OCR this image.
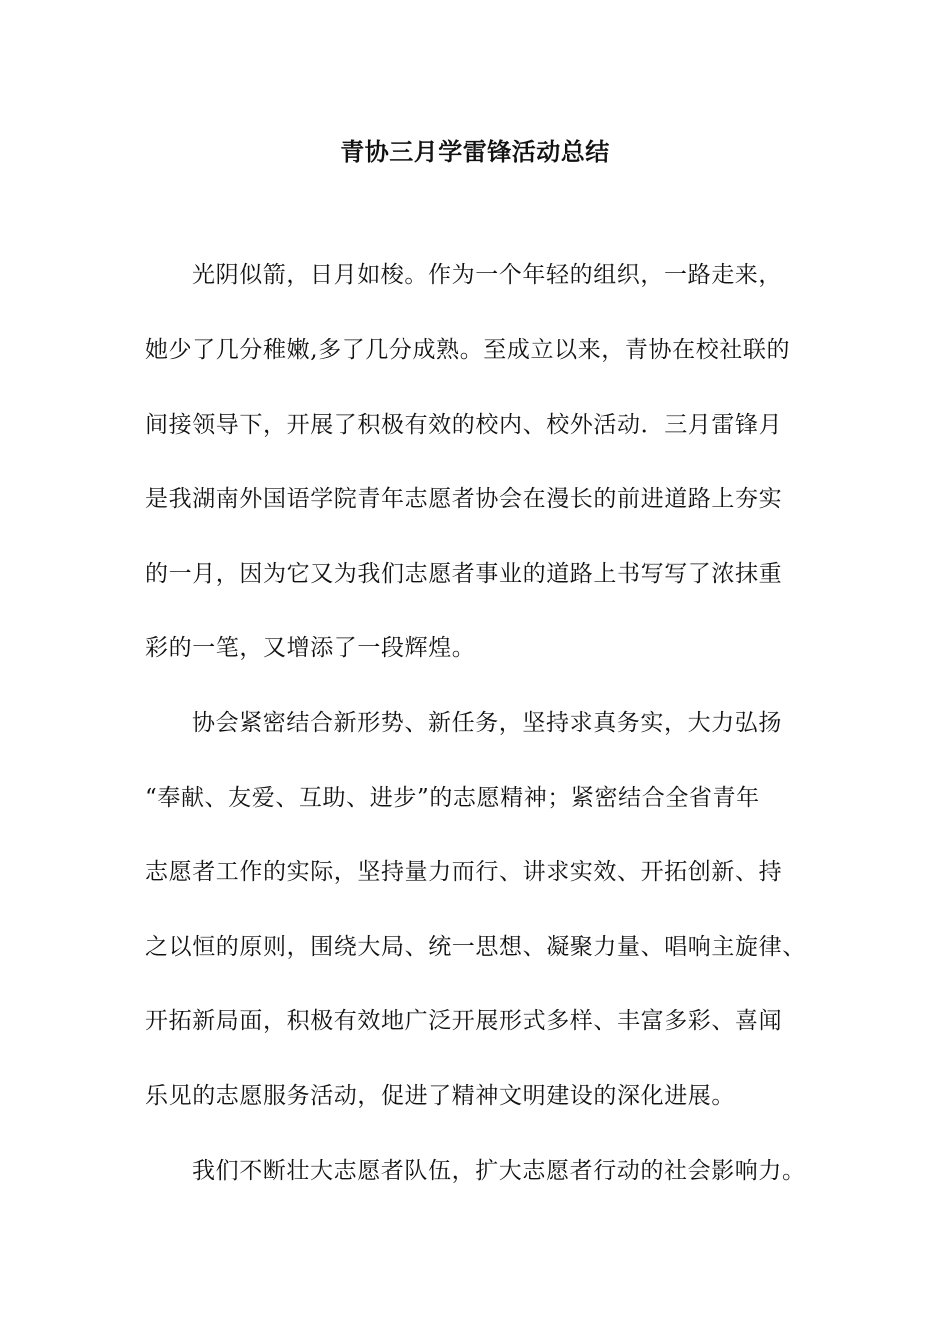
青协三月学雷锋活动总结
光阴似箭，日月如梭。作为一个年轻的组织，一路走来，
她少了几分稚嫩,多了几分成熟。至成立以来，青协在校社联的
间接领导下，开展了积极有效的校内、校外活动．三月雷锋月
是我湖南外国语学院青年志愿者协会在漫长的前进道路上夯实
的一月，因为它又为我们志愿者事业的道路上书写写了浓抹重
彩的一笔，又增添了一段辉煌。
协会紧密结合新形势、新任务，坚持求真务实，大力弘扬
“奉献、友爱、互助、进步”的志愿精神；紧密结合全省青年
志愿者工作的实际，坚持量力而行、讲求实效、开拓创新、持
之以恒的原则，围绕大局、统一思想、凝聚力量、唱响主旋律、
开拓新局面，积极有效地广泛开展形式多样、丰富多彩、喜闻
乐见的志愿服务活动，促进了精神文明建设的深化进展。
我们不断壮大志愿者队伍，扩大志愿者行动的社会影响力。
